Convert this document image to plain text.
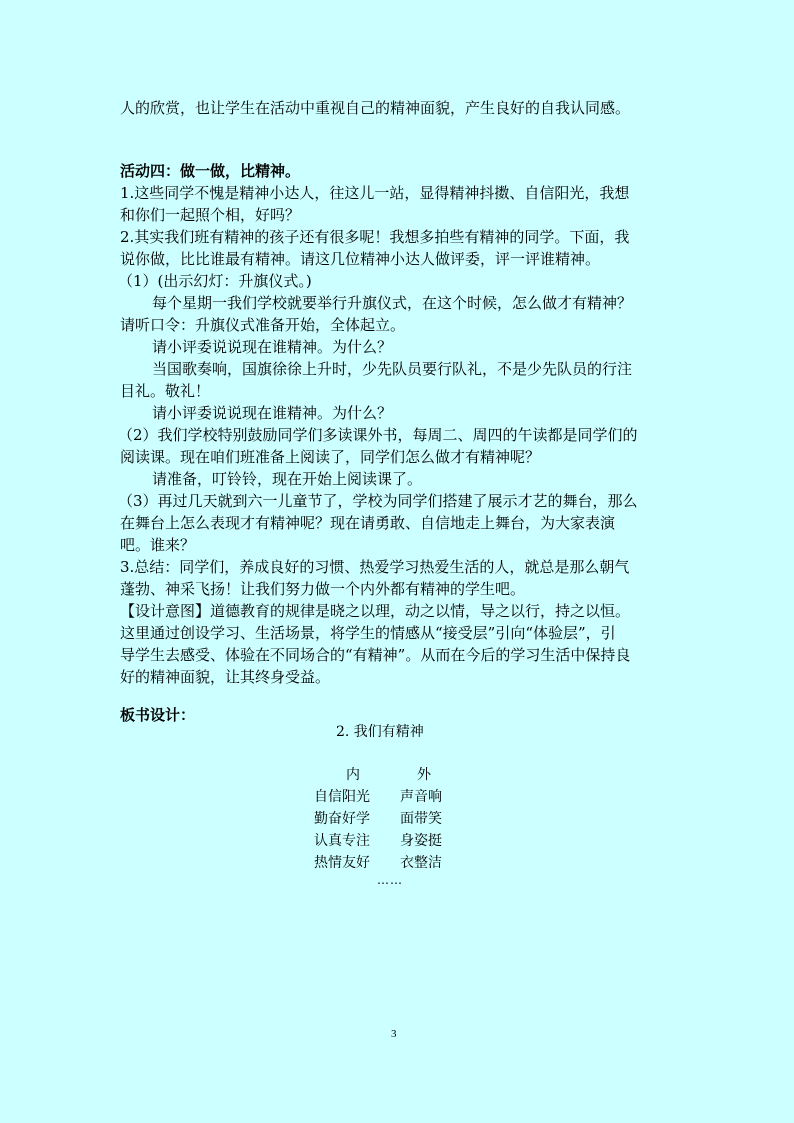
人的欣赏，也让学生在活动中重视自己的精神面貌，产生良好的自我认同感。
活动四：做一做，比精神。
1.这些同学不愧是精神小达人，往这儿一站，显得精神抖擞、自信阳光，我想
和你们一起照个相，好吗？
2.其实我们班有精神的孩子还有很多呢！我想多拍些有精神的同学。下面，我
说你做，比比谁最有精神。请这几位精神小达人做评委，评一评谁精神。
（1）(出示幻灯：升旗仪式。)
每个星期一我们学校就要举行升旗仪式，在这个时候，怎么做才有精神？
请听口令：升旗仪式准备开始，全体起立。
请小评委说说现在谁精神。为什么？
当国歌奏响，国旗徐徐上升时，少先队员要行队礼，不是少先队员的行注
目礼。敬礼！
请小评委说说现在谁精神。为什么？
（2）我们学校特别鼓励同学们多读课外书，每周二、周四的午读都是同学们的
阅读课。现在咱们班准备上阅读了，同学们怎么做才有精神呢？
请准备，叮铃铃，现在开始上阅读课了。
（3）再过几天就到六一儿童节了，学校为同学们搭建了展示才艺的舞台，那么
在舞台上怎么表现才有精神呢？现在请勇敢、自信地走上舞台，为大家表演
吧。谁来？
3.总结：同学们，养成良好的习惯、热爱学习热爱生活的人，就总是那么朝气
蓬勃、神采飞扬！让我们努力做一个内外都有精神的学生吧。
【设计意图】道德教育的规律是晓之以理，动之以情，导之以行，持之以恒。
这里通过创设学习、生活场景，将学生的情感从“接受层”引向“体验层”，引
导学生去感受、体验在不同场合的“有精神”。从而在今后的学习生活中保持良
好的精神面貌，让其终身受益。
板书设计：
2. 我们有精神
内	外
自信阳光 声音响
勤奋好学 面带笑
认真专注 身姿挺
热情友好 衣整洁
……
3
